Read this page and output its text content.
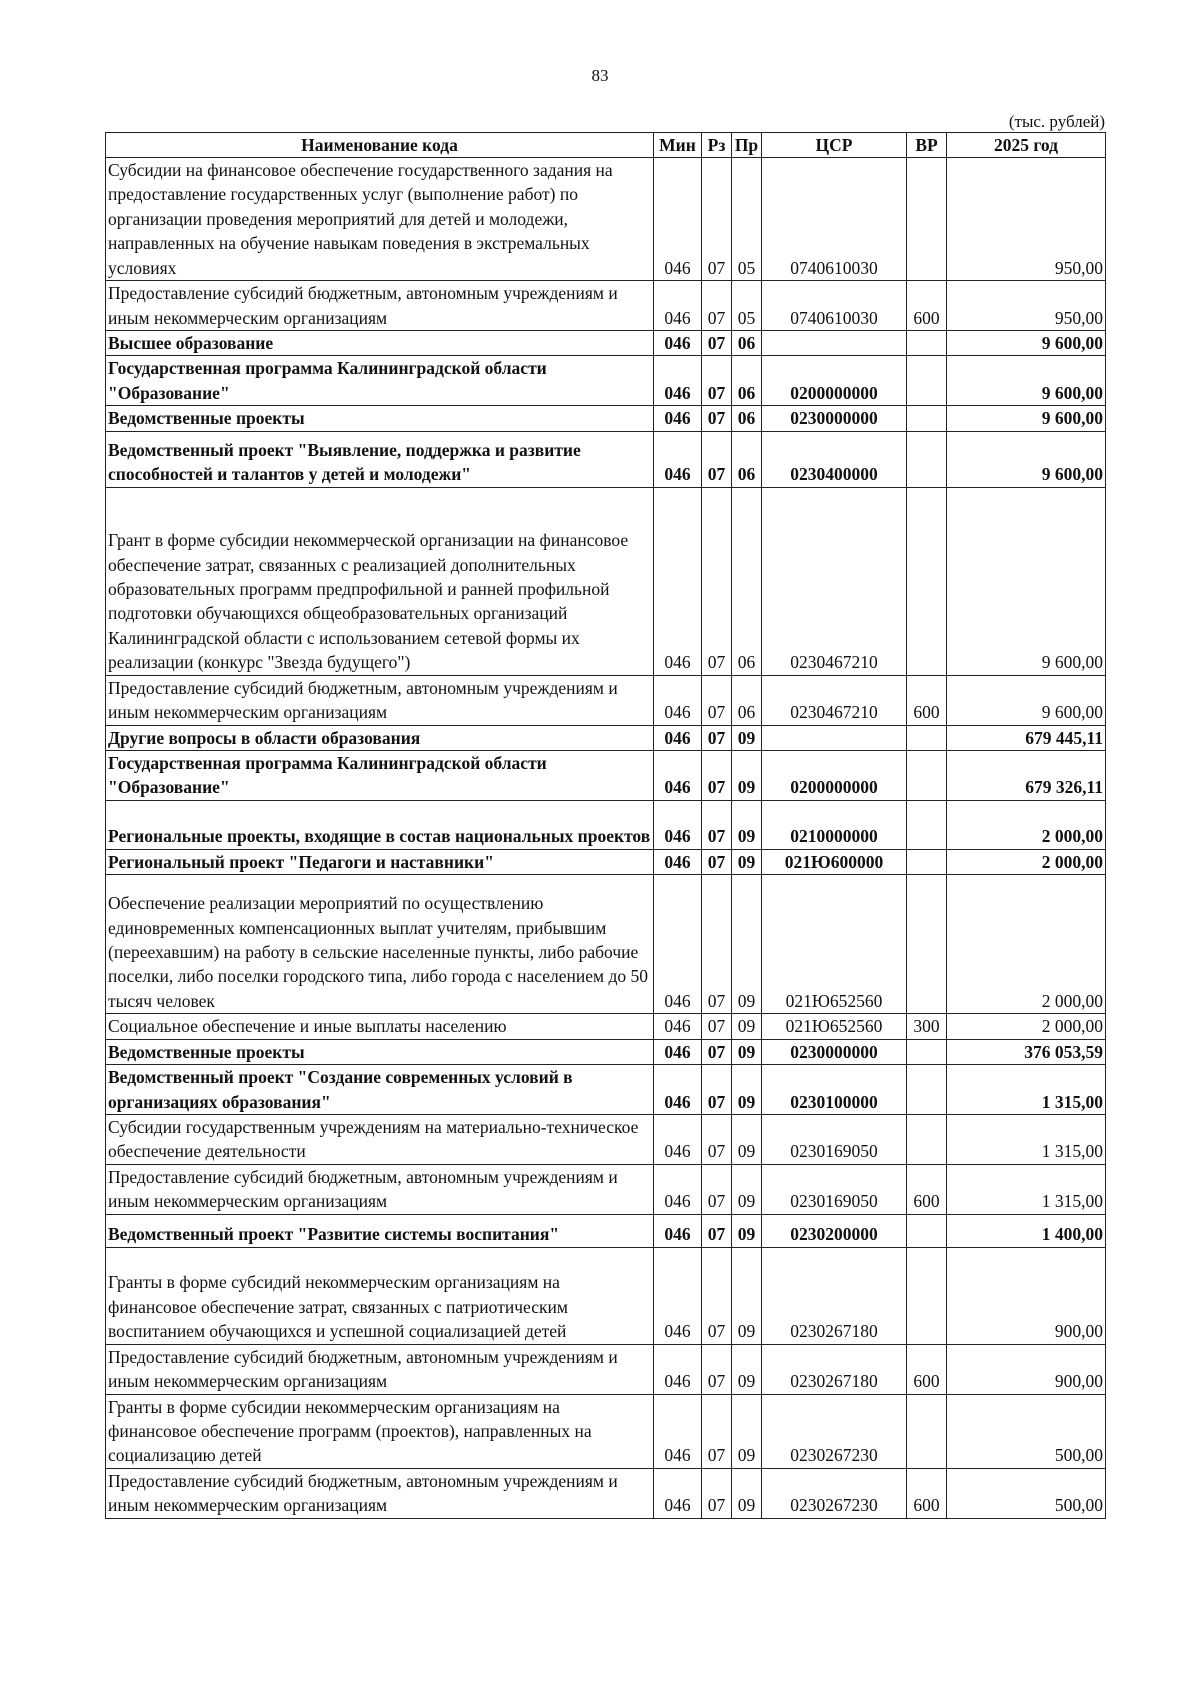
83
(тыс. рублей)
Наименование кода	Мин	Рз	Пр	ЦСР	ВР	2025 год
Субсидии на финансовое обеспечение государственного задания на предоставление государственных услуг (выполнение работ) по организации проведения мероприятий для детей и молодежи, направленных на обучение навыкам поведения в экстремальных условиях	046	07	05	0740610030		950,00
Предоставление субсидий бюджетным, автономным учреждениям и иным некоммерческим организациям	046	07	05	0740610030	600	950,00
Высшее образование	046	07	06			9 600,00
Государственная программа Калининградской области "Образование"	046	07	06	0200000000		9 600,00
Ведомственные проекты	046	07	06	0230000000		9 600,00
Ведомственный проект "Выявление, поддержка и развитие способностей и талантов у детей и молодежи"	046	07	06	0230400000		9 600,00
Грант в форме субсидии некоммерческой организации на финансовое обеспечение затрат, связанных с реализацией дополнительных образовательных программ предпрофильной и ранней профильной подготовки обучающихся общеобразовательных организаций Калининградской области с использованием сетевой формы их реализации (конкурс "Звезда будущего")	046	07	06	0230467210		9 600,00
Предоставление субсидий бюджетным, автономным учреждениям и иным некоммерческим организациям	046	07	06	0230467210	600	9 600,00
Другие вопросы в области образования	046	07	09			679 445,11
Государственная программа Калининградской области "Образование"	046	07	09	0200000000		679 326,11
Региональные проекты, входящие в состав национальных проектов	046	07	09	0210000000		2 000,00
Региональный проект "Педагоги и наставники"	046	07	09	021Ю600000		2 000,00
Обеспечение реализации мероприятий по осуществлению единовременных компенсационных выплат учителям, прибывшим (переехавшим) на работу в сельские населенные пункты, либо рабочие поселки, либо поселки городского типа, либо города с населением до 50 тысяч человек	046	07	09	021Ю652560		2 000,00
Социальное обеспечение и иные выплаты населению	046	07	09	021Ю652560	300	2 000,00
Ведомственные проекты	046	07	09	0230000000		376 053,59
Ведомственный проект "Создание современных условий в организациях образования"	046	07	09	0230100000		1 315,00
Субсидии государственным учреждениям на материально-техническое обеспечение деятельности	046	07	09	0230169050		1 315,00
Предоставление субсидий бюджетным, автономным учреждениям и иным некоммерческим организациям	046	07	09	0230169050	600	1 315,00
Ведомственный проект "Развитие системы воспитания"	046	07	09	0230200000		1 400,00
Гранты в форме субсидий некоммерческим организациям на финансовое обеспечение затрат, связанных с патриотическим воспитанием обучающихся и успешной социализацией детей	046	07	09	0230267180		900,00
Предоставление субсидий бюджетным, автономным учреждениям и иным некоммерческим организациям	046	07	09	0230267180	600	900,00
Гранты в форме субсидии некоммерческим организациям на финансовое обеспечение программ (проектов), направленных на социализацию детей	046	07	09	0230267230		500,00
Предоставление субсидий бюджетным, автономным учреждениям и иным некоммерческим организациям	046	07	09	0230267230	600	500,00
